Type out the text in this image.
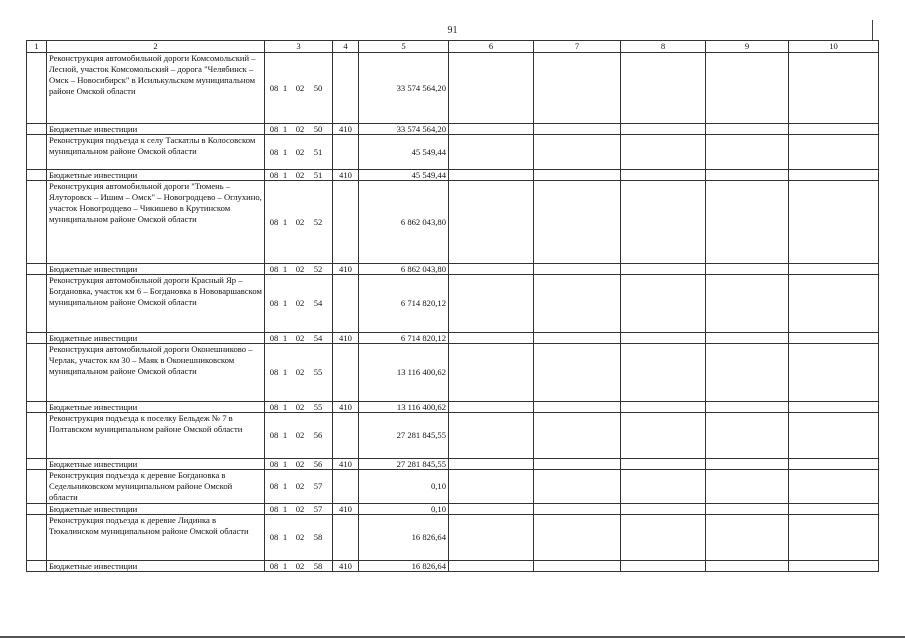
91
1	2	3	4	5	6	7	8	9	10
	Реконструкция автомобильной дороги Комсомольский – Лесной, участок Комсомольский – дорога "Челябинск – Омск – Новосибирск" в Исилькульском муниципальном районе Омской области	08 1 02 50		33 574 564,20					
	Бюджетные инвестиции	08 1 02 50	410	33 574 564,20					
	Реконструкция подъезда к селу Таскатлы в Колосовском муниципальном районе Омской области	08 1 02 51		45 549,44					
	Бюджетные инвестиции	08 1 02 51	410	45 549,44					
	Реконструкция автомобильной дороги "Тюмень – Ялуторовск – Ишим – Омск" – Новогродцево – Оглухино, участок Новогродцево – Чикишево в Крутинском муниципальном районе Омской области	08 1 02 52		6 862 043,80					
	Бюджетные инвестиции	08 1 02 52	410	6 862 043,80					
	Реконструкция автомобильной дороги Красный Яр – Богдановка, участок км 6 – Богдановка в Нововаршавском муниципальном районе Омской области	08 1 02 54		6 714 820,12					
	Бюджетные инвестиции	08 1 02 54	410	6 714 820,12					
	Реконструкция автомобильной дороги Оконешниково – Черлак, участок км 30 – Маяк в Оконешниковском муниципальном районе Омской области	08 1 02 55		13 116 400,62					
	Бюджетные инвестиции	08 1 02 55	410	13 116 400,62					
	Реконструкция подъезда к поселку Бельдеж № 7 в Полтавском муниципальном районе Омской области	08 1 02 56		27 281 845,55					
	Бюджетные инвестиции	08 1 02 56	410	27 281 845,55					
	Реконструкция подъезда к деревне Богдановка в Седельниковском муниципальном районе Омской области	08 1 02 57		0,10					
	Бюджетные инвестиции	08 1 02 57	410	0,10					
	Реконструкция подъезда к деревне Лидинка в Тюкалинском муниципальном районе Омской области	08 1 02 58		16 826,64					
	Бюджетные инвестиции	08 1 02 58	410	16 826,64					
